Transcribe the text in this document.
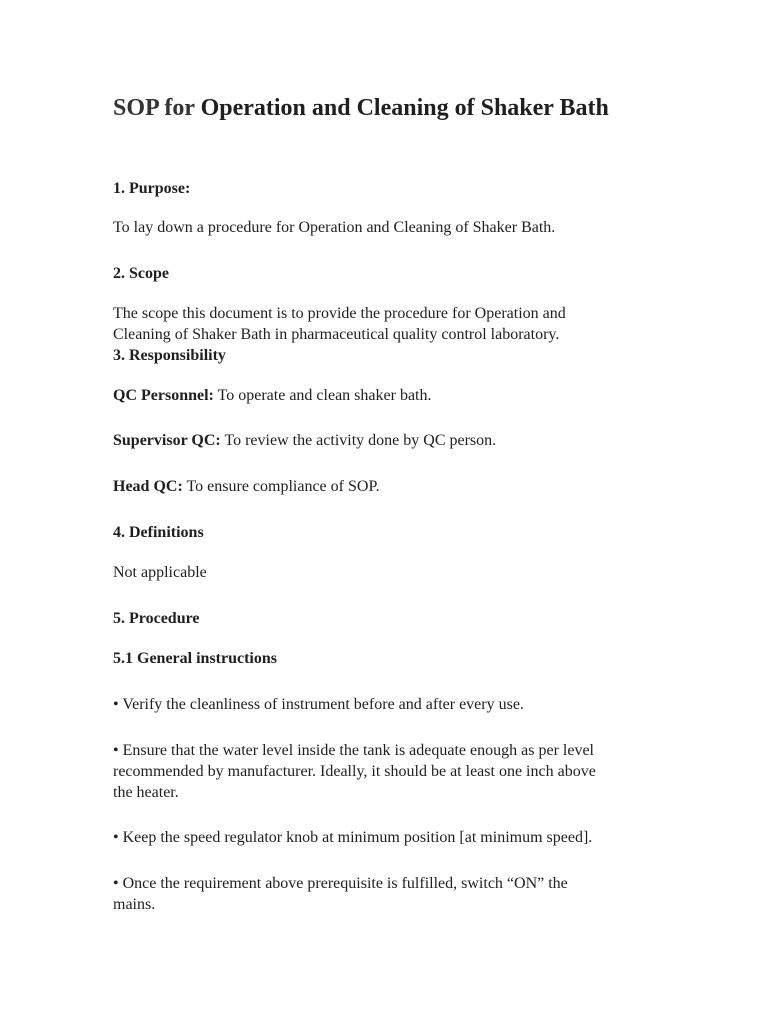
SOP for Operation and Cleaning of Shaker Bath
1. Purpose:
To lay down a procedure for Operation and Cleaning of Shaker Bath.
2. Scope
The scope this document is to provide the procedure for Operation and
Cleaning of Shaker Bath in pharmaceutical quality control laboratory.
3. Responsibility
QC Personnel: To operate and clean shaker bath.
Supervisor QC: To review the activity done by QC person.
Head QC: To ensure compliance of SOP.
4. Definitions
Not applicable
5. Procedure
5.1 General instructions
• Verify the cleanliness of instrument before and after every use.
• Ensure that the water level inside the tank is adequate enough as per level
recommended by manufacturer. Ideally, it should be at least one inch above
the heater.
• Keep the speed regulator knob at minimum position [at minimum speed].
• Once the requirement above prerequisite is fulfilled, switch “ON” the
mains.
